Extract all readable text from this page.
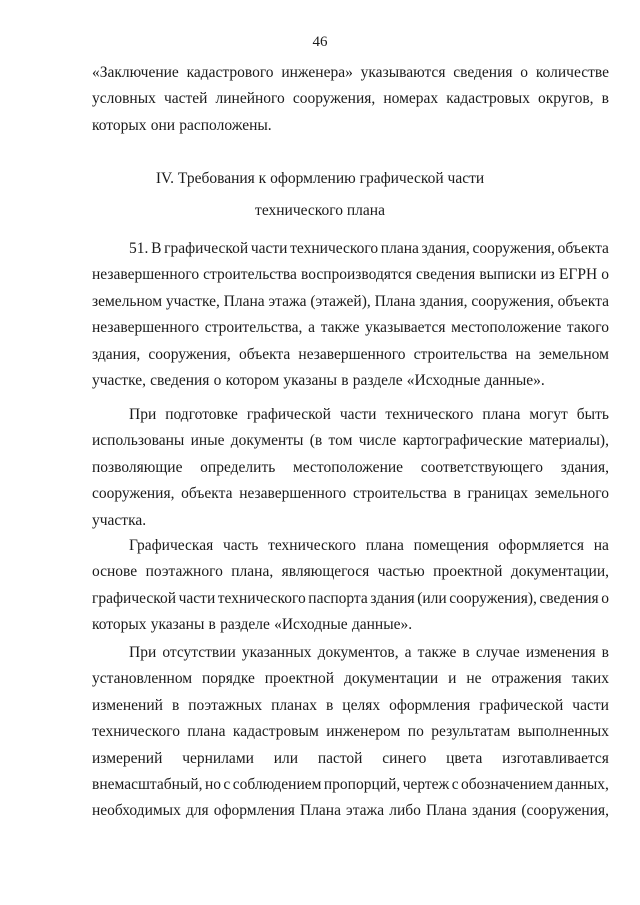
46
«Заключение кадастрового инженера» указываются сведения о количестве
условных частей линейного сооружения, номерах кадастровых округов, в
которых они расположены.
IV. Требования к оформлению графической части
технического плана
51. В графической части технического плана здания, сооружения, объекта
незавершенного строительства воспроизводятся сведения выписки из ЕГРН о
земельном участке, Плана этажа (этажей), Плана здания, сооружения, объекта
незавершенного строительства, а также указывается местоположение такого
здания, сооружения, объекта незавершенного строительства на земельном
участке, сведения о котором указаны в разделе «Исходные данные».
При подготовке графической части технического плана могут быть
использованы иные документы (в том числе картографические материалы),
позволяющие определить местоположение соответствующего здания,
сооружения, объекта незавершенного строительства в границах земельного
участка.
Графическая часть технического плана помещения оформляется на
основе поэтажного плана, являющегося частью проектной документации,
графической части технического паспорта здания (или сооружения), сведения о
которых указаны в разделе «Исходные данные».
При отсутствии указанных документов, а также в случае изменения в
установленном порядке проектной документации и не отражения таких
изменений в поэтажных планах в целях оформления графической части
технического плана кадастровым инженером по результатам выполненных
измерений чернилами или пастой синего цвета изготавливается
внемасштабный, но с соблюдением пропорций, чертеж с обозначением данных,
необходимых для оформления Плана этажа либо Плана здания (сооружения,
